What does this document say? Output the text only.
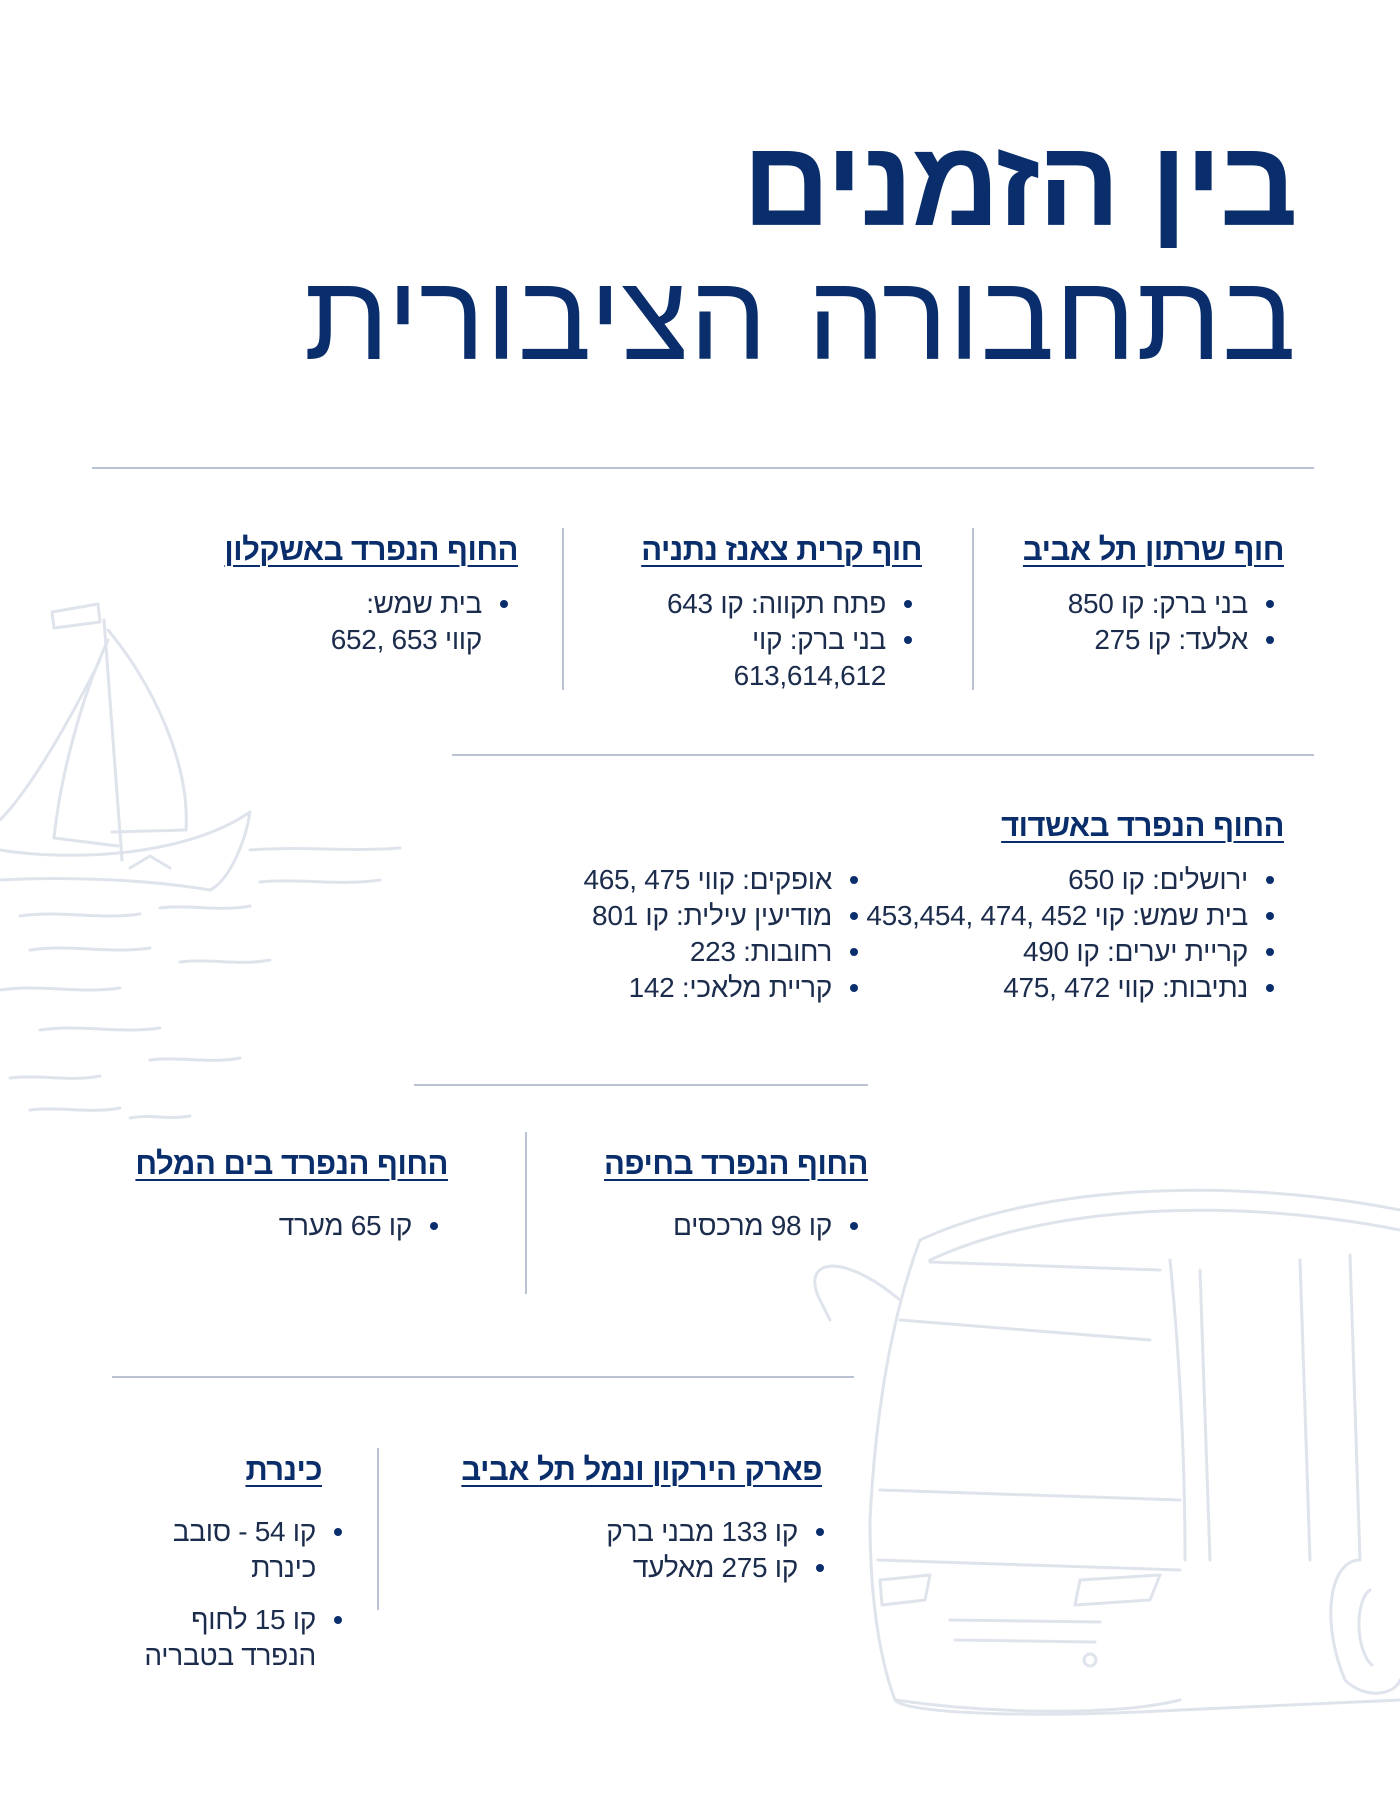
בין הזמנים
בתחבורה הציבורית
חוף שרתון תל אביב
בני ברק: קו 850
אלעד: קו 275
חוף קרית צאנז נתניה
פתח תקווה: קו 643
בני ברק: קוי 613,614,612
החוף הנפרד באשקלון
בית שמש: קווי 653 ,652
החוף הנפרד באשדוד
ירושלים: קו 650
בית שמש: קוי 452 ,474 ,453,454
קריית יערים: קו 490
נתיבות: קווי 472 ,475
אופקים: קווי 475 ,465
מודיעין עילית: קו 801
רחובות: 223
קריית מלאכי: 142
החוף הנפרד בחיפה
קו 98 מרכסים
החוף הנפרד בים המלח
קו 65 מערד
פארק הירקון ונמל תל אביב
קו 133 מבני ברק
קו 275 מאלעד
כינרת
קו 54 - סובב כינרת
קו 15 לחוף הנפרד בטבריה
